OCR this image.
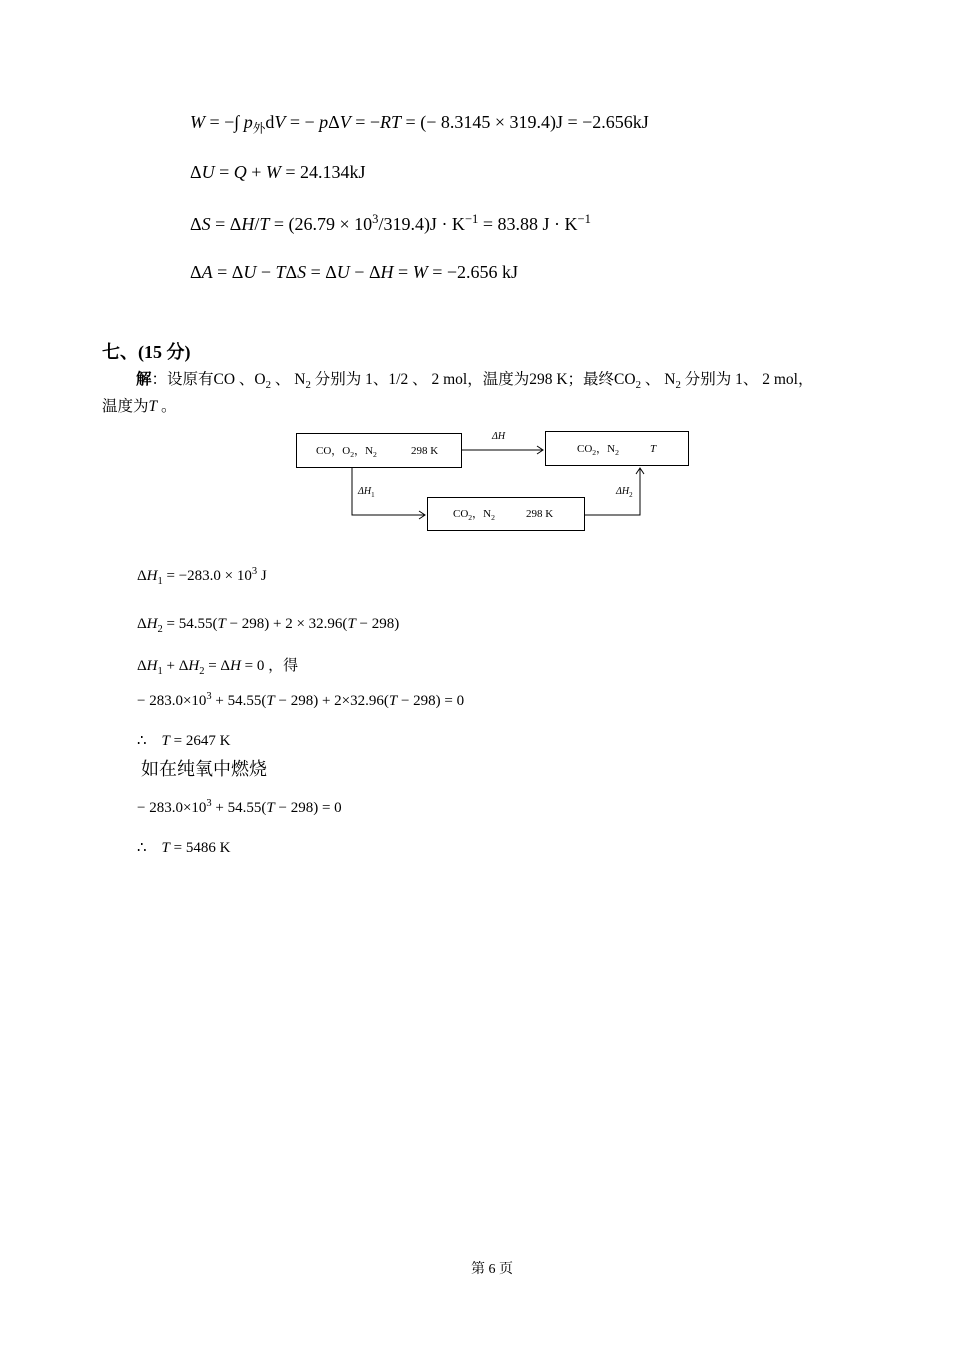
W = −∫ $p_外dV$ = − pΔV = −RT = (− 8.3145 × 319.4)J = −2.656kJ
ΔU = Q + W = 24.134kJ
$\Delta S = \Delta H/T = (26.79 \times 10^3/319.4)J \cdot K^{-1} = 83.88$ $J \cdot K^{-1}$
ΔA = ΔU − TΔS = ΔU − ΔH = W = −2.656 kJ
七、(15 分)
解：设原有CO 、$O_2$ 、 $N_2$ 分别为 1、1/2 、 2 mol，温度为298 K；最终$CO_2$ 、 $N_2$ 分别为 1、 2 mol，
温度为T 。
CO，$O_2$，$N_2$	298 K	$CO_2$，$N_2$	T
$CO_2$，$N_2$	298 K
ΔH
$\Delta H_1$	$\Delta H_2$
$\Delta H_1 = -283.0 \times 10^3$ J
$\Delta H_2 = 54.55(T - 298) + 2 \times 32.96(T - 298)$
$\Delta H_1 + \Delta H_2 = \Delta H = 0$ ，得
− $283.0\times 10^3 + 54.55(T - 298) + 2\times 32.96(T - 298) = 0$
∴    T = 2647 K
如在纯氧中燃烧
− $283.0\times 10^3 + 54.55(T - 298) = 0$
∴    T = 5486 K
第 6 页
